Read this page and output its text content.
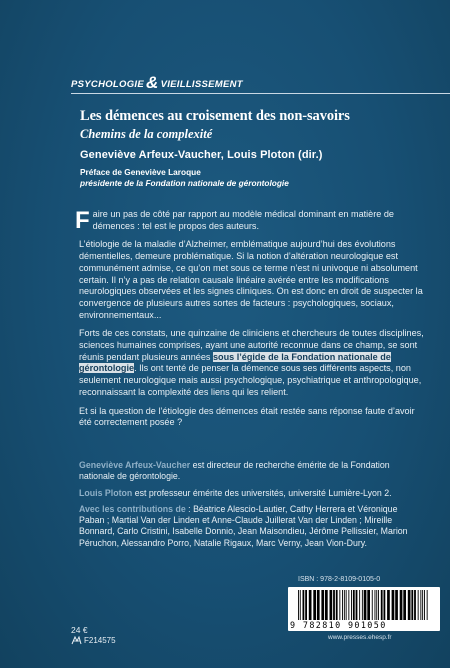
PSYCHOLOGIE & VIEILLISSEMENT
Les démences au croisement des non-savoirs
Chemins de la complexité
Geneviève Arfeux-Vaucher, Louis Ploton (dir.)
Préface de Geneviève Laroque
présidente de la Fondation nationale de gérontologie

Faire un pas de côté par rapport au modèle médical dominant en matière de démences : tel est le propos des auteurs.

L’étiologie de la maladie d’Alzheimer, emblématique aujourd’hui des évolutions démentielles, demeure problématique. Si la notion d’altération neurologique est communément admise, ce qu’on met sous ce terme n’est ni univoque ni absolument certain. Il n’y a pas de relation causale linéaire avérée entre les modifications neurologiques observées et les signes cliniques. On est donc en droit de suspecter la convergence de plusieurs autres sortes de facteurs : psychologiques, sociaux, environnementaux...

Forts de ces constats, une quinzaine de cliniciens et chercheurs de toutes disciplines, sciences humaines comprises, ayant une autorité reconnue dans ce champ, se sont réunis pendant plusieurs années sous l’égide de la Fondation nationale de gérontologie. Ils ont tenté de penser la démence sous ses différents aspects, non seulement neurologique mais aussi psychologique, psychiatrique et anthropologique, reconnaissant la complexité des liens qui les relient.

Et si la question de l’étiologie des démences était restée sans réponse faute d’avoir été correctement posée ?

Geneviève Arfeux-Vaucher est directeur de recherche émérite de la Fondation nationale de gérontologie.

Louis Ploton est professeur émérite des universités, université Lumière-Lyon 2.

Avec les contributions de : Béatrice Alescio-Lautier, Cathy Herrera et Véronique Paban ; Martial Van der Linden et Anne-Claude Juillerat Van der Linden ; Mireille Bonnard, Carlo Cristini, Isabelle Donnio, Jean Maisondieu, Jérôme Pellissier, Marion Péruchon, Alessandro Porro, Natalie Rigaux, Marc Verny, Jean Vion-Dury.

ISBN : 978-2-8109-0105-0
9 782810 901050
www.presses.ehesp.fr
24 €
F214575
